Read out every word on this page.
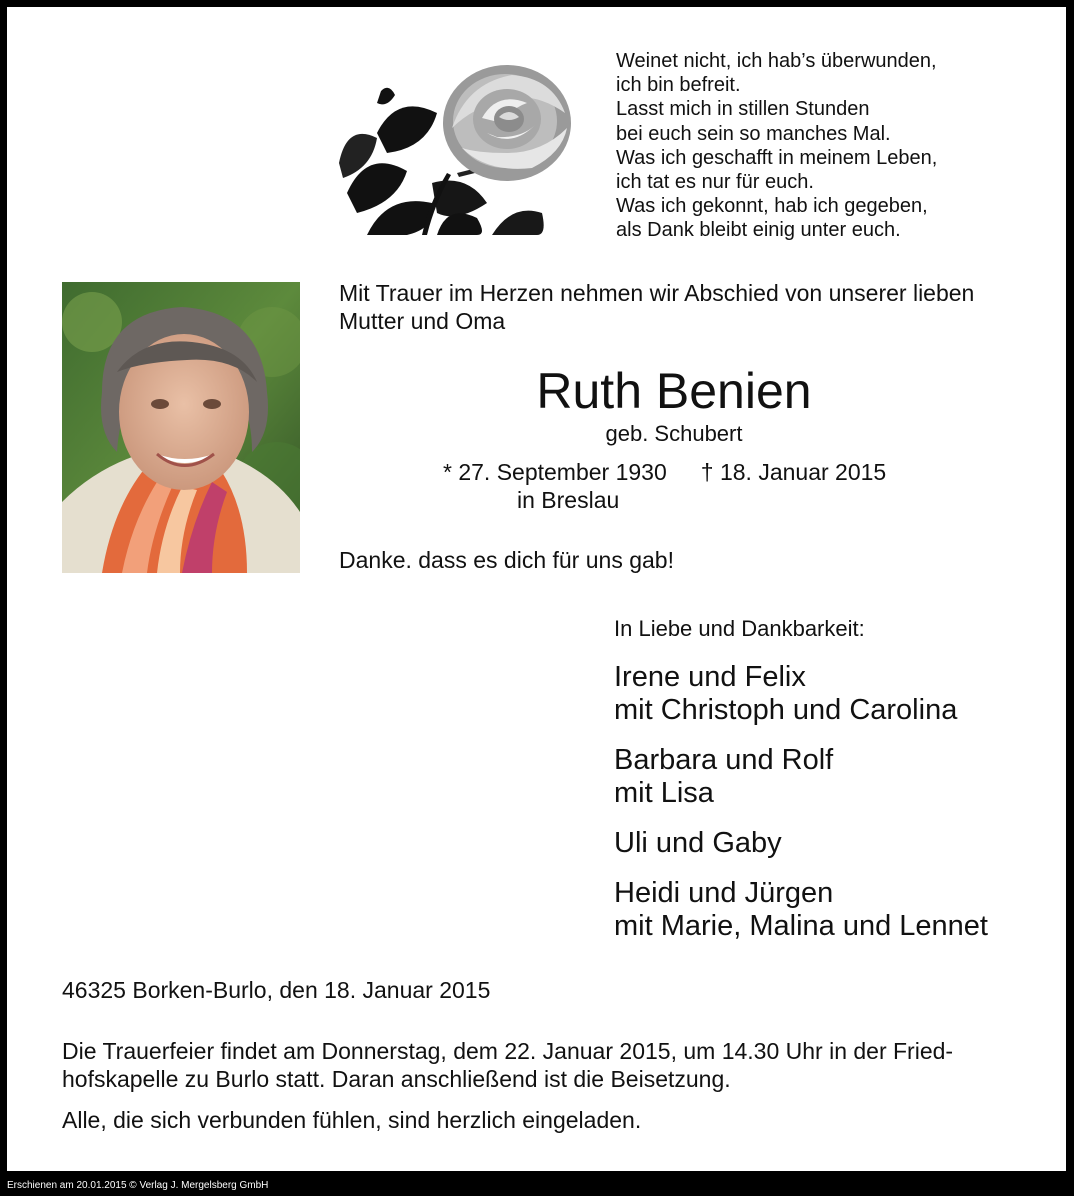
Weinet nicht, ich hab’s überwunden,
ich bin befreit.
Lasst mich in stillen Stunden
bei euch sein so manches Mal.
Was ich geschafft in meinem Leben,
ich tat es nur für euch.
Was ich gekonnt, hab ich gegeben,
als Dank bleibt einig unter euch.
Mit Trauer im Herzen nehmen wir Abschied von unserer lieben
Mutter und Oma
Ruth Benien
geb. Schubert
* 27. September 1930 † 18. Januar 2015
in Breslau
Danke. dass es dich für uns gab!
In Liebe und Dankbarkeit:
Irene und Felix
mit Christoph und Carolina
Barbara und Rolf
mit Lisa
Uli und Gaby
Heidi und Jürgen
mit Marie, Malina und Lennet
46325 Borken-Burlo, den 18. Januar 2015
Die Trauerfeier findet am Donnerstag, dem 22. Januar 2015, um 14.30 Uhr in der Fried-
hofskapelle zu Burlo statt. Daran anschließend ist die Beisetzung.
Alle, die sich verbunden fühlen, sind herzlich eingeladen.
Erschienen am 20.01.2015 © Verlag J. Mergelsberg GmbH
